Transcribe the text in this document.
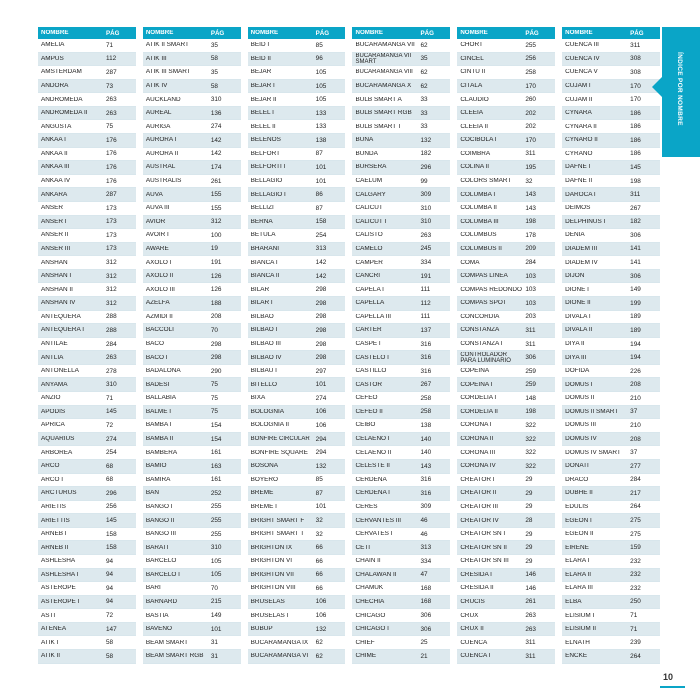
NOMBRE	PÁG
AMELIA	71
AMPUS	112
AMSTERDAM	287
ANDORA	73
ANDROMEDA	263
ANDROMEDA II	263
ANGUSTA	75
ANKAA I	176
ANKAA II	176
ANKAA III	176
ANKAA IV	176
ANKARA	287
ANSER	173
ANSER I	173
ANSER II	173
ANSER III	173
ANSHAN	312
ANSHAN I	312
ANSHAN II	312
ANSHAN IV	312
ANTEQUERA	288
ANTEQUERA I	288
ANTILAE	284
ANTLIA	263
ANTONELLA	278
ANYAMA	310
ANZIO	71
APODIS	145
APRICA	72
AQUARIUS	274
ARBOREA	254
ARCO	68
ARCO I	68
ARCTURUS	296
ARIETIS	256
ARIETTIS	145
ARNEB I	158
ARNEB II	158
ASHLESHA	94
ASHLESHA I	94
ASTEROPE	94
ASTEROPE I	94
ASTI	72
ATENEA	147
ATIK I	58
ATIK II	58
NOMBRE	PÁG
ATIK II SMART	35
ATIK III	58
ATIK III SMART	35
ATIK IV	58
AUCKLAND	310
AUREAL	136
AURIGA	274
AURORA I	142
AURORA II	142
AUSTRAL	174
AUSTRALIS	261
AUVA	155
AUVA III	155
AVIOR	312
AVOIR I	100
AWARE	19
AXOLO I	191
AXOLO II	126
AXOLO III	126
AZELFA	188
AZMIDI II	208
BACCOLI	70
BACO	298
BACO I	298
BADALONA	290
BADESI	75
BALLABIA	75
BALME I	75
BAMBA I	154
BAMBA II	154
BAMBERA	161
BAMIO	163
BAMIRA	161
BAN	252
BANGO I	255
BANGO II	255
BANGO III	255
BARATI	310
BARCELO	105
BARCELO I	105
BARI	70
BARNARD	215
BASTIA	149
BAVENO	101
BEAM SMART	31
BEAM SMART RGB	31
NOMBRE	PÁG
BEID I	85
BEID II	96
BEJAR	105
BEJAR I	105
BEJAR II	105
BELEL I	133
BELEL II	133
BELENOS	138
BELFORT	87
BELFORTI I	101
BELLAGIO	101
BELLAGIO I	86
BELLIZI	87
BERNA	158
BETULA	254
BHARANI	313
BIANCA I	142
BIANCA II	142
BILAR	298
BILAR I	298
BILBAO	298
BILBAO I	298
BILBAO III	298
BILBAO IV	298
BILBAU I	297
BITELLO	101
BIXA	274
BOLOGNIA	106
BOLOGNIA II	106
BONFIRE CIRCULAR 294
BONFIRE SQUARE	294
BOSONA	132
BOYERO	85
BREME	87
BREME I	101
BRIGHT SMART F	32
BRIGHT SMART T	32
BRIGHTON IX	66
BRIGHTON VI	66
BRIGHTON VII	66
BRIGHTON VIII	66
BRUSELAS	106
BRUSELAS I	106
BUBUP	132
BUCARAMANGA IX	62
BUCARAMANGA VI	62
NOMBRE	PÁG
BUCARAMANGA VII 62
BUCARAMANGA VII SMART	35
BUCARAMANGA VIII	62
BUCARAMANGA X	62
BULB SMART A	33
BULB SMART RGB	33
BULB SMART T	33
BUNA	132
BUNDA	182
BURSERA	296
CAELUM	99
CALGARY	309
CALICUT	310
CALICUT I	310
CALISTO	263
CAMELO	245
CAMPER	334
CANCRI	191
CAPELA I	111
CAPELLA	112
CAPELLA III	111
CARTER	137
CASPE I	316
CASTELO I	316
CASTILLO	316
CASTOR	267
CEFEO	258
CEFEO II	258
CEIBO	138
CELAENO I	140
CELAENO II	140
CELESTE II	143
CERDEÑA	316
CERDEÑA I	316
CERES	309
CERVANTES III	46
CERVATES I	46
CETI	313
CHAIN II	334
CHALAWAN II	47
CHAMUK	168
CHECHIA	168
CHICAGO	306
CHICAGO I	306
CHIEF	25
CHIME	21
NOMBRE	PÁG
CHORT	255
CINCEL	256
CINTU II	258
CITALA	170
CLAUDIO	260
CLEEÍA	202
CLEEÍA II	202
COCIBOLA I	170
COIMBRA	311
COLINA II	195
COLORS SMART	32
COLUMBA I	143
COLUMBA II	143
COLUMBA III	198
COLUMBUS	178
COLUMBUS II	209
COMA	284
COMPAS LINEA	103
COMPAS REDONDO 103
COMPAS SPOT	103
CONCORDIA	203
CONSTANZA	311
CONSTANZA I	311
CONTROLADOR PARA LUMINARIO	306
COPEINA	259
COPEINA I	259
CORDELIA I	148
CORDELIA II	198
CORONA I	322
CORONA II	322
CORONA III	322
CORONA IV	322
CREATOR I	29
CREATOR II	29
CREATOR III	29
CREATOR IV	28
CREATOR SN I	29
CREATOR SN II	29
CREATOR SN III	29
CRESIDA I	146
CRESIDA II	146
CRUCIS	261
CRUX	263
CRUX II	263
CUENCA	311
CUENCA I	311
NOMBRE	PÁG
CUENCA III	311
CUENCA IV	308
CUENCA V	308
CUJAM I	170
CUJAM II	170
CYNARA	186
CYNARA II	186
CYNARO II	186
CYRANO	186
DAFNE I	145
DAFNE II	198
DAROCA I	311
DEIMOS	267
DELPHINUS I	182
DENIA	306
DIADEM III	141
DIADEM IV	141
DIJON	306
DIONE I	149
DIONE II	199
DIVALA I	189
DIVALA II	189
DIYA II	194
DIYA III	194
DOFIDA	226
DOMUS I	208
DOMUS II	210
DOMUS II SMART	37
DOMUS III	210
DOMUS IV	208
DOMUS IV SMART	37
DONATI	277
DRACO	284
DUBHE II	217
EDULIS	264
EGEON I	275
EGEON II	275
EIRENE	159
ELARA I	232
ELARA II	232
ELARA III	232
ELBA	250
ELISIUM I	71
ELISIUM II	71
ELNATH	239
ENCKE	264
ÍNDICE POR NOMBRE
10
